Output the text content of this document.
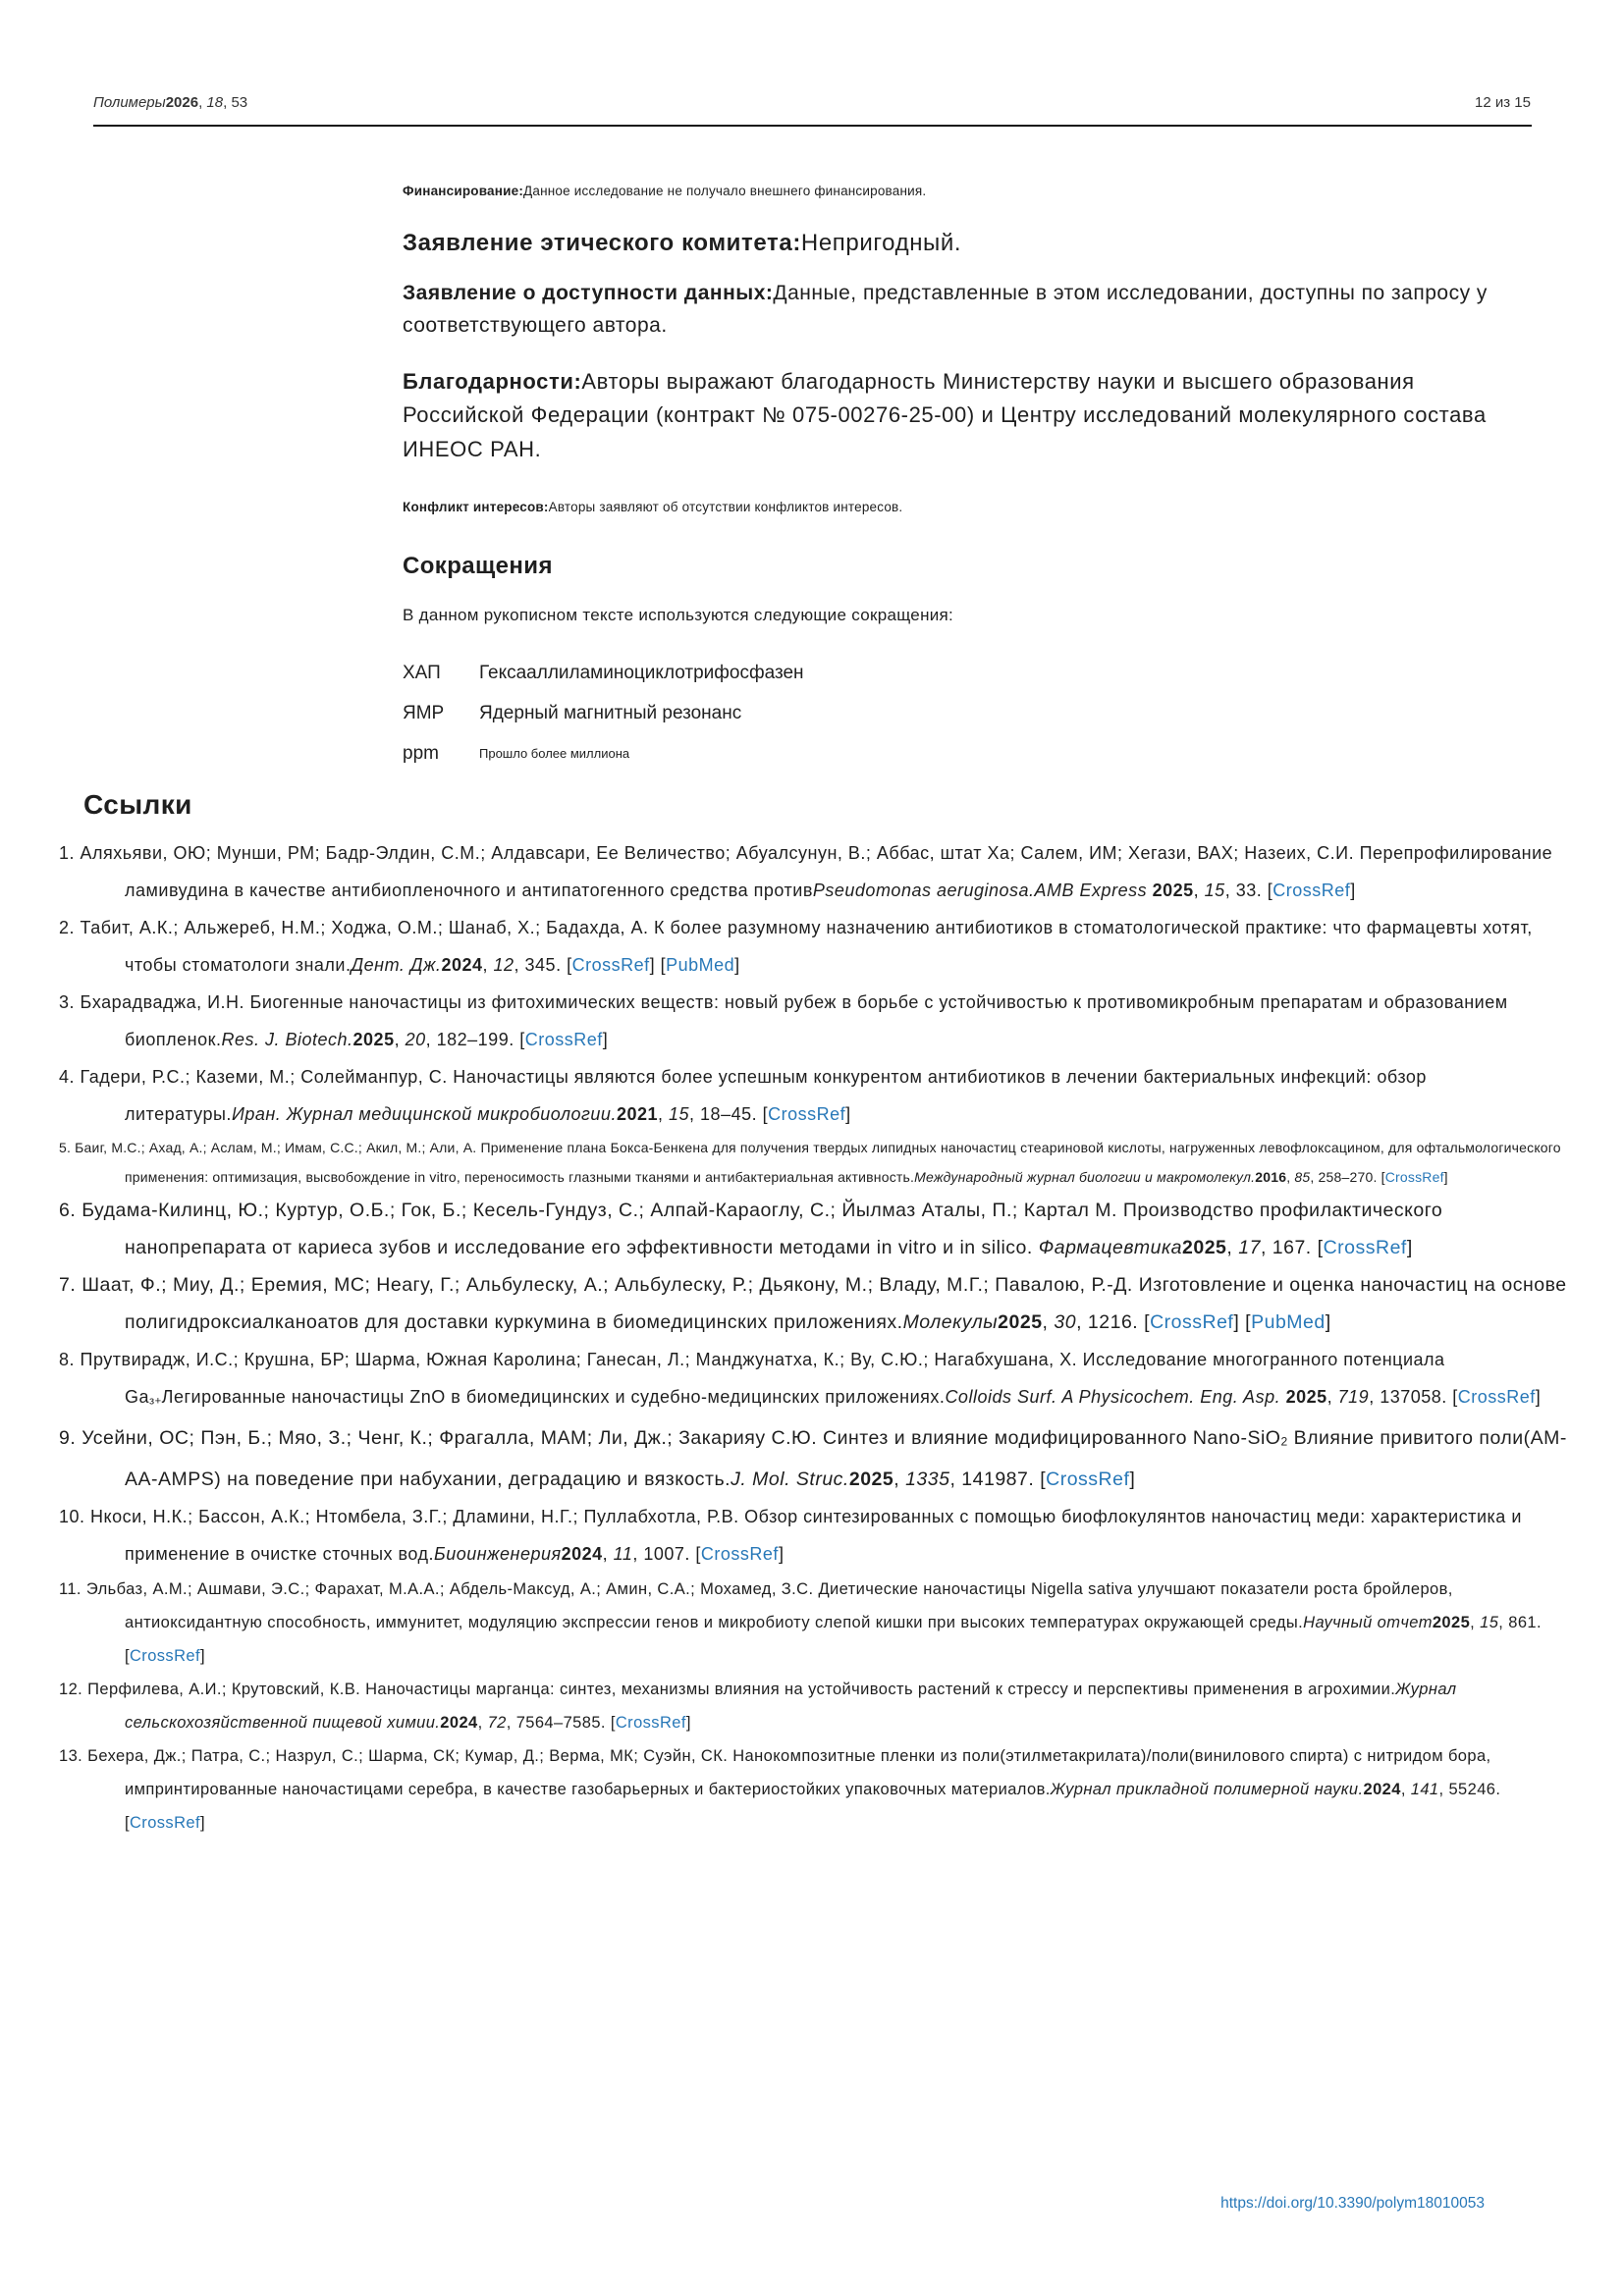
Полимеры2026, 18, 53	12 из 15

Финансирование:Данное исследование не получало внешнего финансирования.

Заявление этического комитета:Непригодный.

Заявление о доступности данных:Данные, представленные в этом исследовании, доступны по запросу у соответствующего автора.

Благодарности:Авторы выражают благодарность Министерству науки и высшего образования Российской Федерации (контракт № 075-00276-25-00) и Центру исследований молекулярного состава ИНЕОС РАН.

Конфликт интересов:Авторы заявляют об отсутствии конфликтов интересов.

Сокращения

В данном рукописном тексте используются следующие сокращения:

ХАП	Гексааллиламиноциклотрифосфазен
ЯМР	Ядерный магнитный резонанс
ppm	Прошло более миллиона
Ссылки
1. Аляхьяви, ОЮ; Мунши, РМ; Бадр-Элдин, С.М.; Алдавсари, Ее Величество; Абуалсунун, В.; Аббас, штат Ха; Салем, ИМ; Хегази, ВАХ; Назеих, С.И. Перепрофилирование ламивудина в качестве антибиопленочного и антипатогенного средства противPseudomonas aeruginosa.AMB Express 2025, 15, 33. [CrossRef]
2. Табит, А.К.; Альжереб, Н.М.; Ходжа, О.М.; Шанаб, Х.; Бадахда, А. К более разумному назначению антибиотиков в стоматологической практике: что фармацевты хотят, чтобы стоматологи знали.Дент. Дж.2024, 12, 345. [CrossRef] [PubMed]
3. Бхарадваджа, И.Н. Биогенные наночастицы из фитохимических веществ: новый рубеж в борьбе с устойчивостью к противомикробным препаратам и образованием биопленок.Res. J. Biotech.2025, 20, 182–199. [CrossRef]
4. Гадери, Р.С.; Каземи, М.; Солейманпур, С. Наночастицы являются более успешным конкурентом антибиотиков в лечении бактериальных инфекций: обзор литературы.Иран. Журнал медицинской микробиологии.2021, 15, 18–45. [CrossRef]
5. Баиг, М.С.; Ахад, А.; Аслам, М.; Имам, С.С.; Акил, М.; Али, А. Применение плана Бокса-Бенкена для получения твердых липидных наночастиц стеариновой кислоты, нагруженных левофлоксацином, для офтальмологического применения: оптимизация, высвобождение in vitro, переносимость глазными тканями и антибактериальная активность.Международный журнал биологии и макромолекул.2016, 85, 258–270. [CrossRef]
6. Будама-Килинц, Ю.; Куртур, О.Б.; Гок, Б.; Кесель-Гундуз, С.; Алпай-Караоглу, С.; Йылмаз Аталы, П.; Картал М. Производство профилактического нанопрепарата от кариеса зубов и исследование его эффективности методами in vitro и in silico. Фармацевтика2025, 17, 167. [CrossRef]
7. Шаат, Ф.; Миу, Д.; Еремия, МС; Неагу, Г.; Альбулеску, А.; Альбулеску, Р.; Дьякону, М.; Владу, М.Г.; Павалою, Р.-Д. Изготовление и оценка наночастиц на основе полигидроксиалканоатов для доставки куркумина в биомедицинских приложениях.Молекулы2025, 30, 1216. [CrossRef] [PubMed]
8. Прутвирадж, И.С.; Крушна, БР; Шарма, Южная Каролина; Ганесан, Л.; Манджунатха, К.; Ву, С.Ю.; Нагабхушана, Х. Исследование многогранного потенциала Gaз+Легированные наночастицы ZnO в биомедицинских и судебно-медицинских приложениях.Colloids Surf. A Physicochem. Eng. Asp. 2025, 719, 137058. [CrossRef]
9. Усейни, ОС; Пэн, Б.; Мяо, З.; Ченг, К.; Фрагалла, МАМ; Ли, Дж.; Закарияу С.Ю. Синтез и влияние модифицированного Nano-SiO2 Влияние привитого поли(АМ-АА-AMPS) на поведение при набухании, деградацию и вязкость.J. Mol. Struc.2025, 1335, 141987. [CrossRef]
10. Нкоси, Н.К.; Бассон, А.К.; Нтомбела, З.Г.; Дламини, Н.Г.; Пуллабхотла, Р.В. Обзор синтезированных с помощью биофлокулянтов наночастиц меди: характеристика и применение в очистке сточных вод.Биоинженерия2024, 11, 1007. [CrossRef]
11. Эльбаз, А.М.; Ашмави, Э.С.; Фарахат, М.А.А.; Абдель-Максуд, А.; Амин, С.А.; Мохамед, З.С. Диетические наночастицы Nigella sativa улучшают показатели роста бройлеров, антиоксидантную способность, иммунитет, модуляцию экспрессии генов и микробиоту слепой кишки при высоких температурах окружающей среды.Научный отчет2025, 15, 861. [CrossRef]
12. Перфилева, А.И.; Крутовский, К.В. Наночастицы марганца: синтез, механизмы влияния на устойчивость растений к стрессу и перспективы применения в агрохимии.Журнал сельскохозяйственной пищевой химии.2024, 72, 7564–7585. [CrossRef]
13. Бехера, Дж.; Патра, С.; Назрул, С.; Шарма, СК; Кумар, Д.; Верма, МК; Суэйн, СК. Нанокомпозитные пленки из поли(этилметакрилата)/поли(винилового спирта) с нитридом бора, импринтированные наночастицами серебра, в качестве газобарьерных и бактериостойких упаковочных материалов.Журнал прикладной полимерной науки.2024, 141, 55246. [CrossRef]
https://doi.org/10.3390/polym18010053
